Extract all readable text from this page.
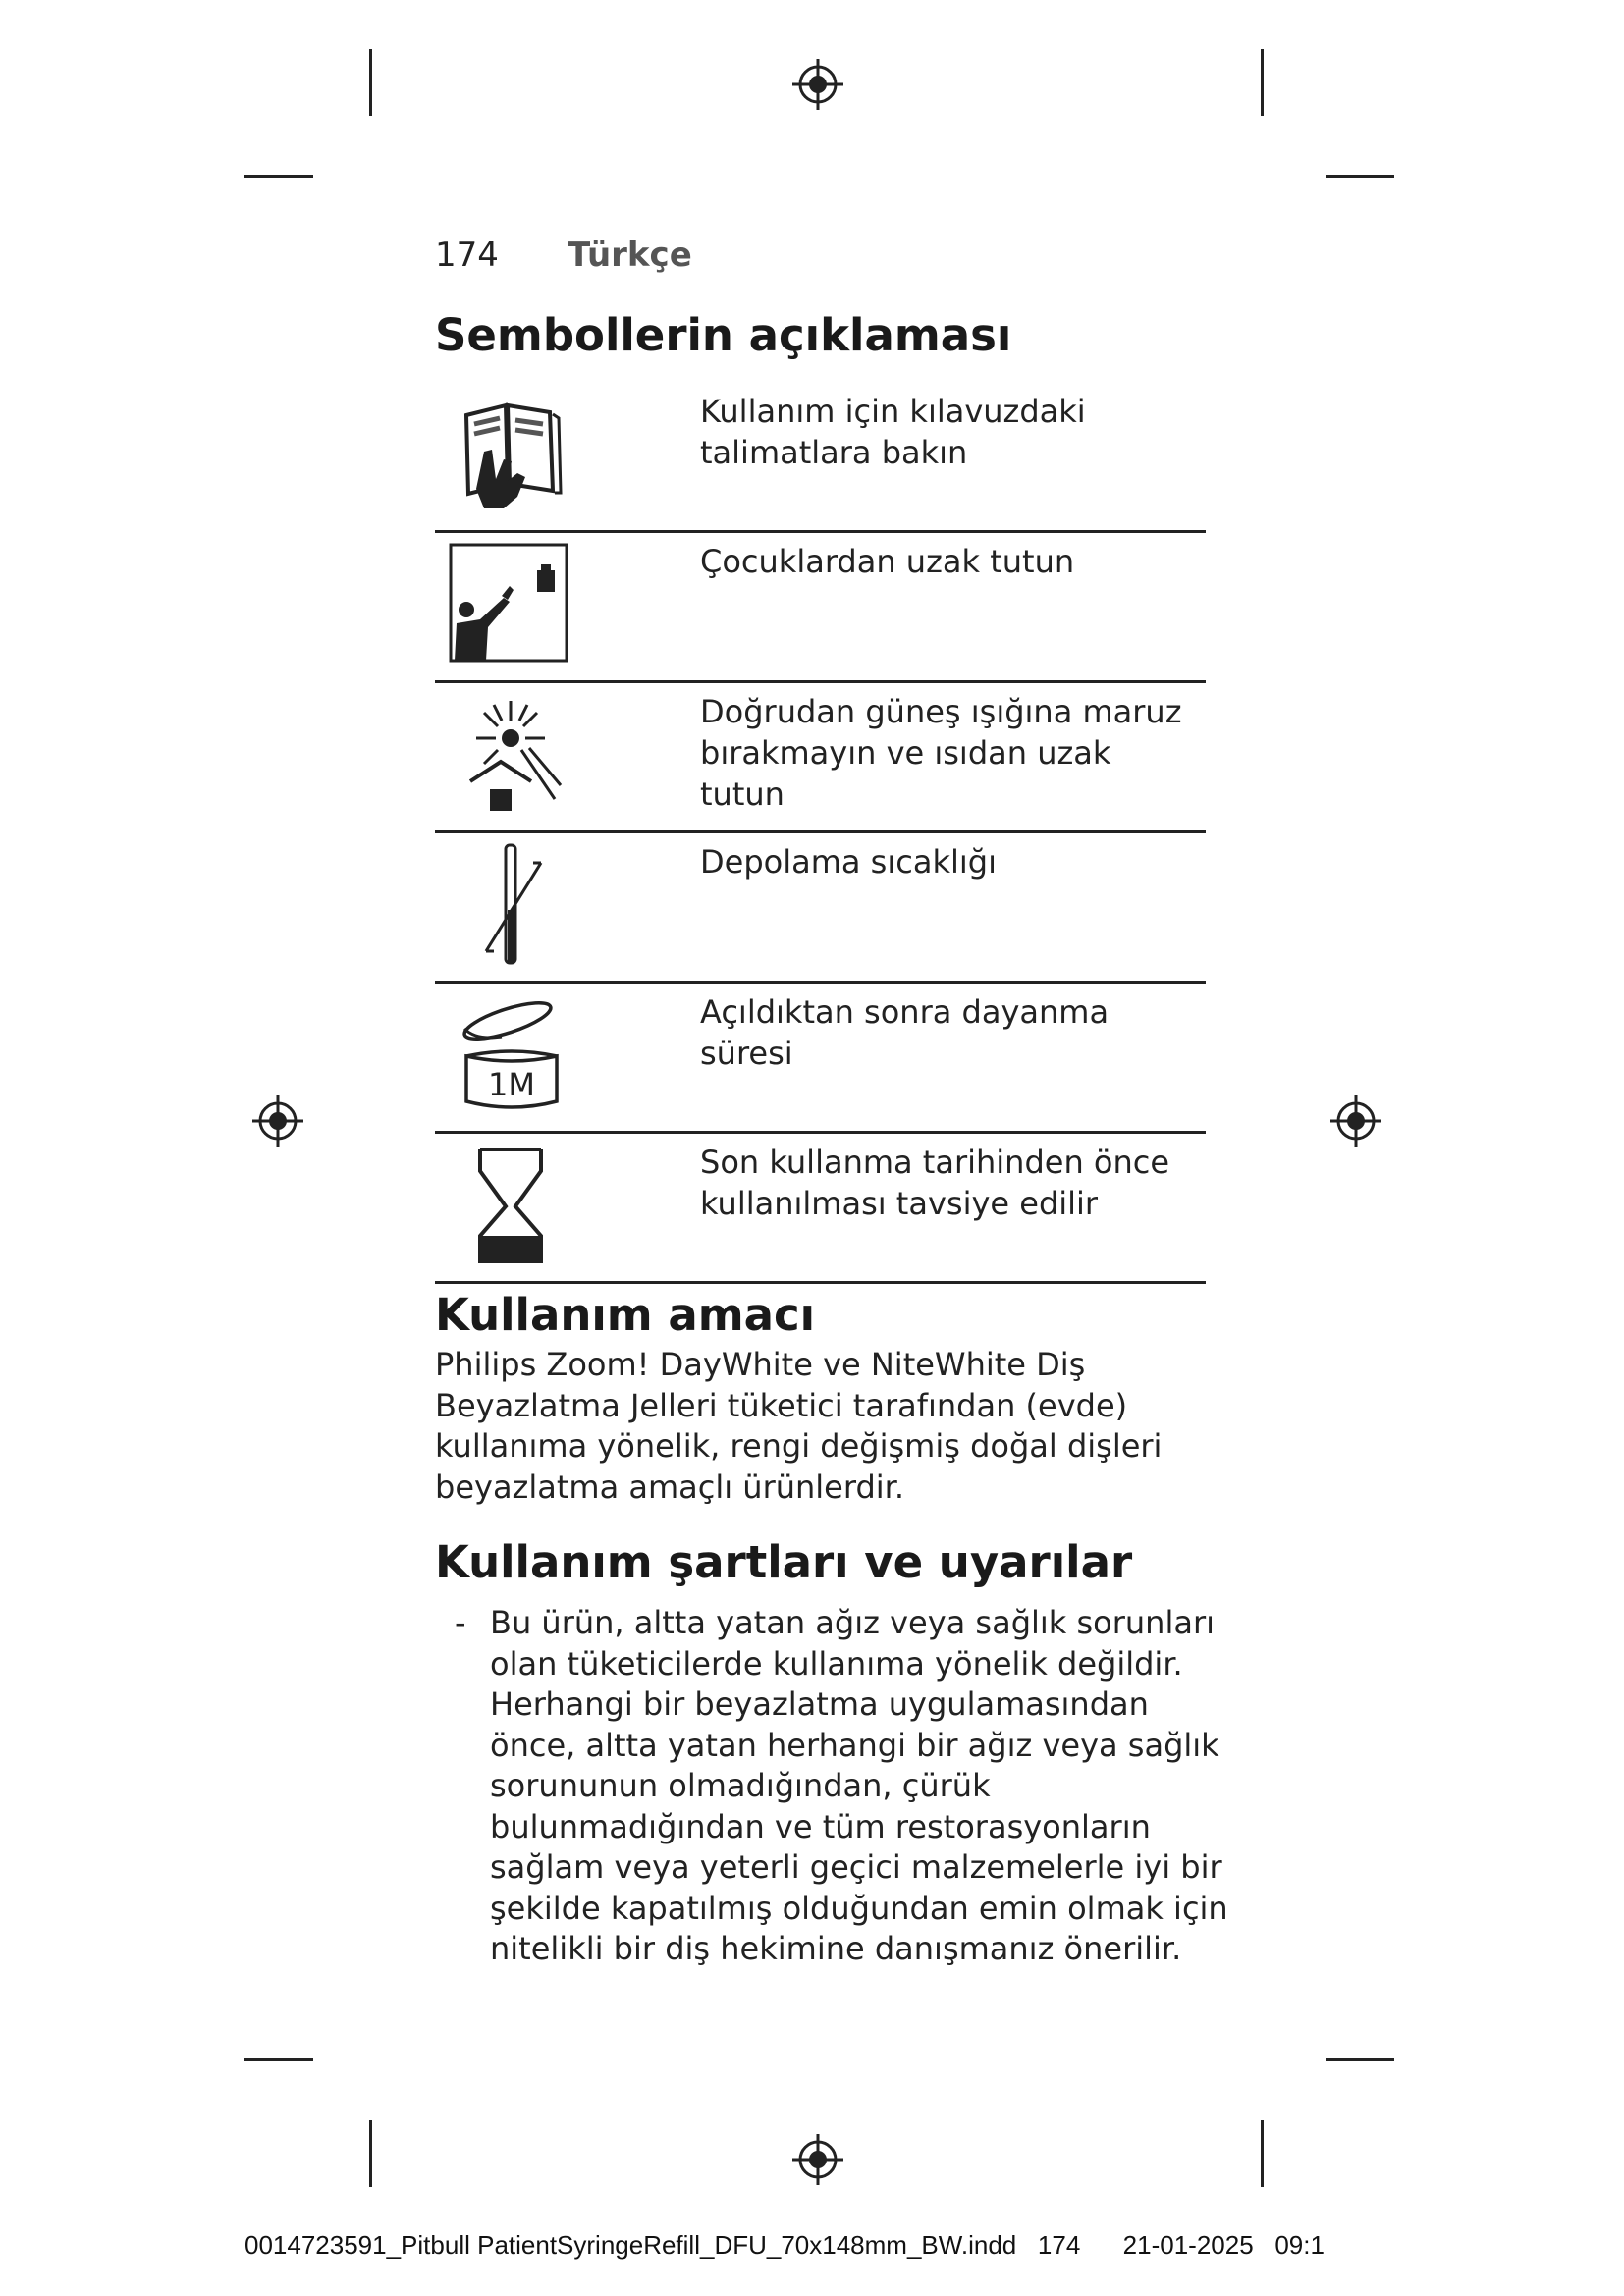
174 Türkçe
Sembollerin açıklaması
Kullanım için kılavuzdaki talimatlara bakın
Çocuklardan uzak tutun
Doğrudan güneş ışığına maruz bırakmayın ve ısıdan uzak tutun
Depolama sıcaklığı
1M
Açıldıktan sonra dayanma süresi
Son kullanma tarihinden önce kullanılması tavsiye edilir
Kullanım amacı
Philips Zoom! DayWhite ve NiteWhite Diş Beyazlatma Jelleri tüketici tarafından (evde) kullanıma yönelik, rengi değişmiş doğal dişleri beyazlatma amaçlı ürünlerdir.
Kullanım şartları ve uyarılar
- Bu ürün, altta yatan ağız veya sağlık sorunları olan tüketicilerde kullanıma yönelik değildir. Herhangi bir beyazlatma uygulamasından önce, altta yatan herhangi bir ağız veya sağlık sorununun olmadığından, çürük bulunmadığından ve tüm restorasyonların sağlam veya yeterli geçici malzemelerle iyi bir şekilde kapatılmış olduğundan emin olmak için nitelikli bir diş hekimine danışmanız önerilir.
0014723591_Pitbull PatientSyringeRefill_DFU_70x148mm_BW.indd 174 21-01-2025 09:1
